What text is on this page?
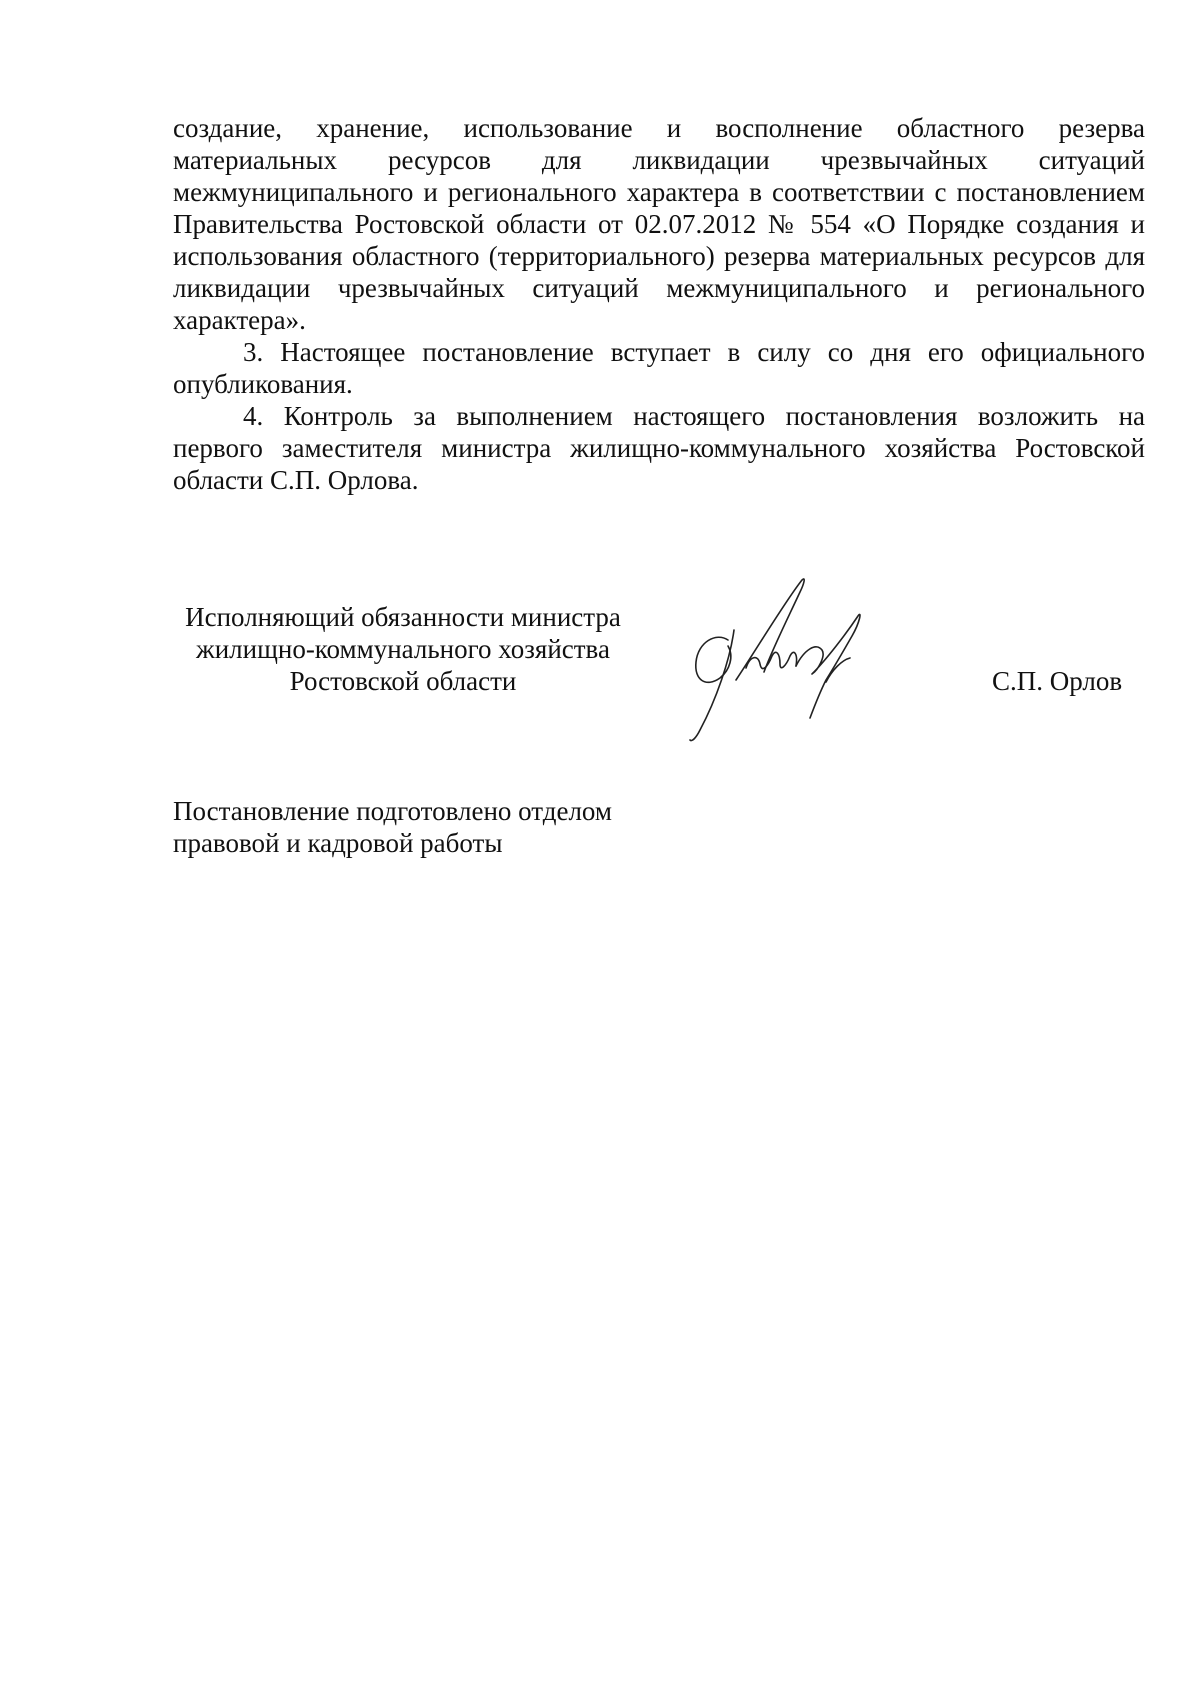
создание, хранение, использование и восполнение областного резерва материальных ресурсов для ликвидации чрезвычайных ситуаций межмуниципального и регионального характера в соответствии с постановлением Правительства Ростовской области от 02.07.2012 № 554 «О Порядке создания и использования областного (территориального) резерва материальных ресурсов для ликвидации чрезвычайных ситуаций межмуниципального и регионального характера».

3. Настоящее постановление вступает в силу со дня его официального опубликования.

4. Контроль за выполнением настоящего постановления возложить на первого заместителя министра жилищно-коммунального хозяйства Ростовской области С.П. Орлова.

Исполняющий обязанности министра
жилищно-коммунального хозяйства
Ростовской области	С.П. Орлов
Постановление подготовлено отделом
правовой и кадровой работы
